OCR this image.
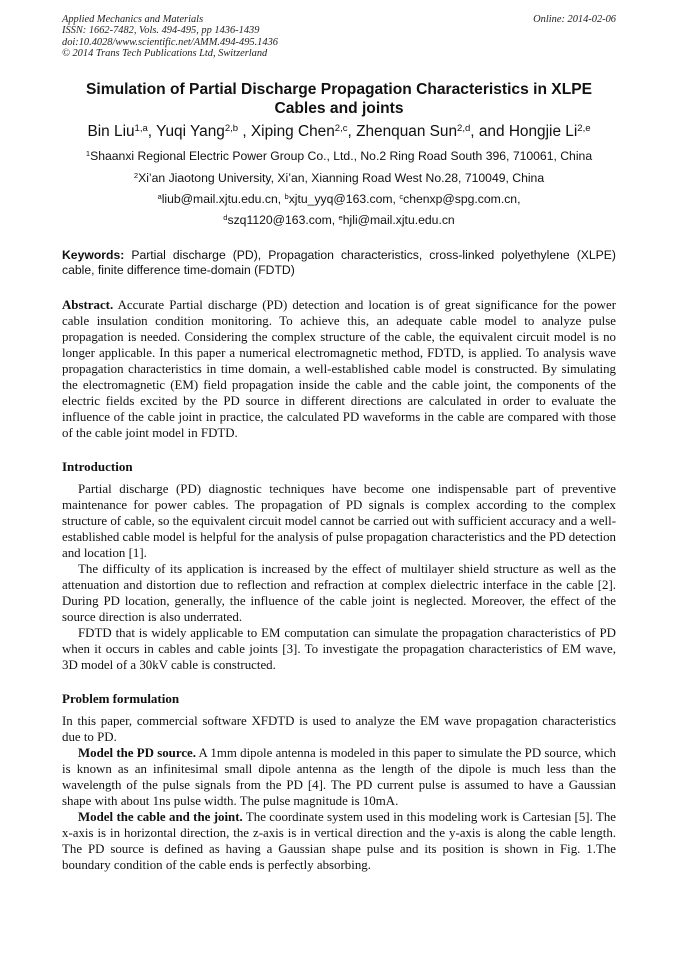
Applied Mechanics and Materials
ISSN: 1662-7482, Vols. 494-495, pp 1436-1439
doi:10.4028/www.scientific.net/AMM.494-495.1436
© 2014 Trans Tech Publications Ltd, Switzerland
Online: 2014-02-06
Simulation of Partial Discharge Propagation Characteristics in XLPE Cables and joints
Bin Liu$^{1,a}$, Yuqi Yang$^{2,b}$ , Xiping Chen$^{2,c}$, Zhenquan Sun$^{2,d}$, and Hongjie Li$^{2,e}$
$^1$Shaanxi Regional Electric Power Group Co., Ltd., No.2 Ring Road South 396, 710061, China
$^2$Xi’an Jiaotong University, Xi’an, Xianning Road West No.28, 710049, China
$^a$liub@mail.xjtu.edu.cn, $^b$xjtu_yyq@163.com, $^c$chenxp@spg.com.cn,
$^d$szq1120@163.com, $^e$hjli@mail.xjtu.edu.cn
Keywords: Partial discharge (PD), Propagation characteristics, cross-linked polyethylene (XLPE) cable, finite difference time-domain (FDTD)
Abstract. Accurate Partial discharge (PD) detection and location is of great significance for the power cable insulation condition monitoring. To achieve this, an adequate cable model to analyze pulse propagation is needed. Considering the complex structure of the cable, the equivalent circuit model is no longer applicable. In this paper a numerical electromagnetic method, FDTD, is applied. To analysis wave propagation characteristics in time domain, a well-established cable model is constructed. By simulating the electromagnetic (EM) field propagation inside the cable and the cable joint, the components of the electric fields excited by the PD source in different directions are calculated in order to evaluate the influence of the cable joint in practice, the calculated PD waveforms in the cable are compared with those of the cable joint model in FDTD.
Introduction

Partial discharge (PD) diagnostic techniques have become one indispensable part of preventive maintenance for power cables. The propagation of PD signals is complex according to the complex structure of cable, so the equivalent circuit model cannot be carried out with sufficient accuracy and a well-established cable model is helpful for the analysis of pulse propagation characteristics and the PD detection and location [1].

The difficulty of its application is increased by the effect of multilayer shield structure as well as the attenuation and distortion due to reflection and refraction at complex dielectric interface in the cable [2]. During PD location, generally, the influence of the cable joint is neglected. Moreover, the effect of the source direction is also underrated.

FDTD that is widely applicable to EM computation can simulate the propagation characteristics of PD when it occurs in cables and cable joints [3]. To investigate the propagation characteristics of EM wave, 3D model of a 30kV cable is constructed.

Problem formulation

In this paper, commercial software XFDTD is used to analyze the EM wave propagation characteristics due to PD.

Model the PD source. A 1mm dipole antenna is modeled in this paper to simulate the PD source, which is known as an infinitesimal small dipole antenna as the length of the dipole is much less than the wavelength of the pulse signals from the PD [4]. The PD current pulse is assumed to have a Gaussian shape with about 1ns pulse width. The pulse magnitude is 10mA.

Model the cable and the joint. The coordinate system used in this modeling work is Cartesian [5]. The x-axis is in horizontal direction, the z-axis is in vertical direction and the y-axis is along the cable length. The PD source is defined as having a Gaussian shape pulse and its position is shown in Fig. 1.The boundary condition of the cable ends is perfectly absorbing.
